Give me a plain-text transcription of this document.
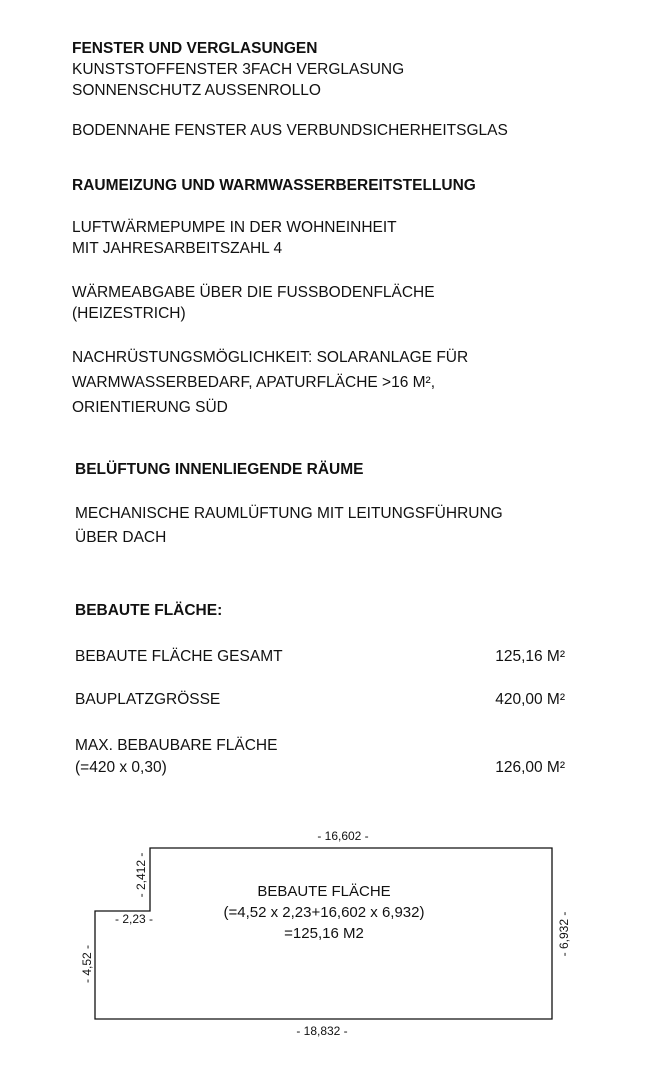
FENSTER UND VERGLASUNGEN
KUNSTSTOFFENSTER 3FACH VERGLASUNG
SONNENSCHUTZ AUSSENROLLO
BODENNAHE FENSTER AUS VERBUNDSICHERHEITSGLAS
RAUMEIZUNG UND WARMWASSERBEREITSTELLUNG
LUFTWÄRMEPUMPE IN DER WOHNEINHEIT
MIT JAHRESARBEITSZAHL 4
WÄRMEABGABE ÜBER DIE FUSSBODENFLÄCHE
(HEIZESTRICH)
NACHRÜSTUNGSMÖGLICHKEIT: SOLARANLAGE FÜR
WARMWASSERBEDARF, APATURFLÄCHE >16 M²,
ORIENTIERUNG SÜD
BELÜFTUNG INNENLIEGENDE RÄUME
MECHANISCHE RAUMLÜFTUNG MIT LEITUNGSFÜHRUNG
ÜBER DACH
BEBAUTE FLÄCHE:
BEBAUTE FLÄCHE GESAMT	125,16 M²
BAUPLATZGRÖSSE	420,00 M²
MAX. BEBAUBARE FLÄCHE
(=420 x 0,30)	126,00 M²
- 16,602 -
- 18,832 -
- 2,23 -
- 2,412 -
- 4,52 -
- 6,932 -
BEBAUTE FLÄCHE
(=4,52 x 2,23+16,602 x 6,932)
=125,16 M2
